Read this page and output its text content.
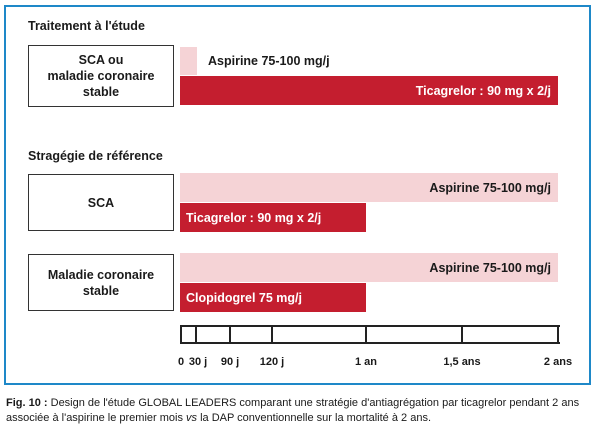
Traitement à l'étude
SCA ou
maladie coronaire
stable
Aspirine 75-100 mg/j
Ticagrelor : 90 mg x 2/j
Stragégie de référence
SCA
Aspirine 75-100 mg/j
Ticagrelor : 90 mg x 2/j
Maladie coronaire
stable
Aspirine 75-100 mg/j
Clopidogrel 75 mg/j
0 30 j 90 j 120 j	1 an	1,5 ans	2 ans
Fig. 10 : Design de l'étude GLOBAL LEADERS comparant une stratégie d'antiagrégation par ticagrelor pendant 2 ans associée à l'aspirine le premier mois vs la DAP conventionnelle sur la mortalité à 2 ans.
